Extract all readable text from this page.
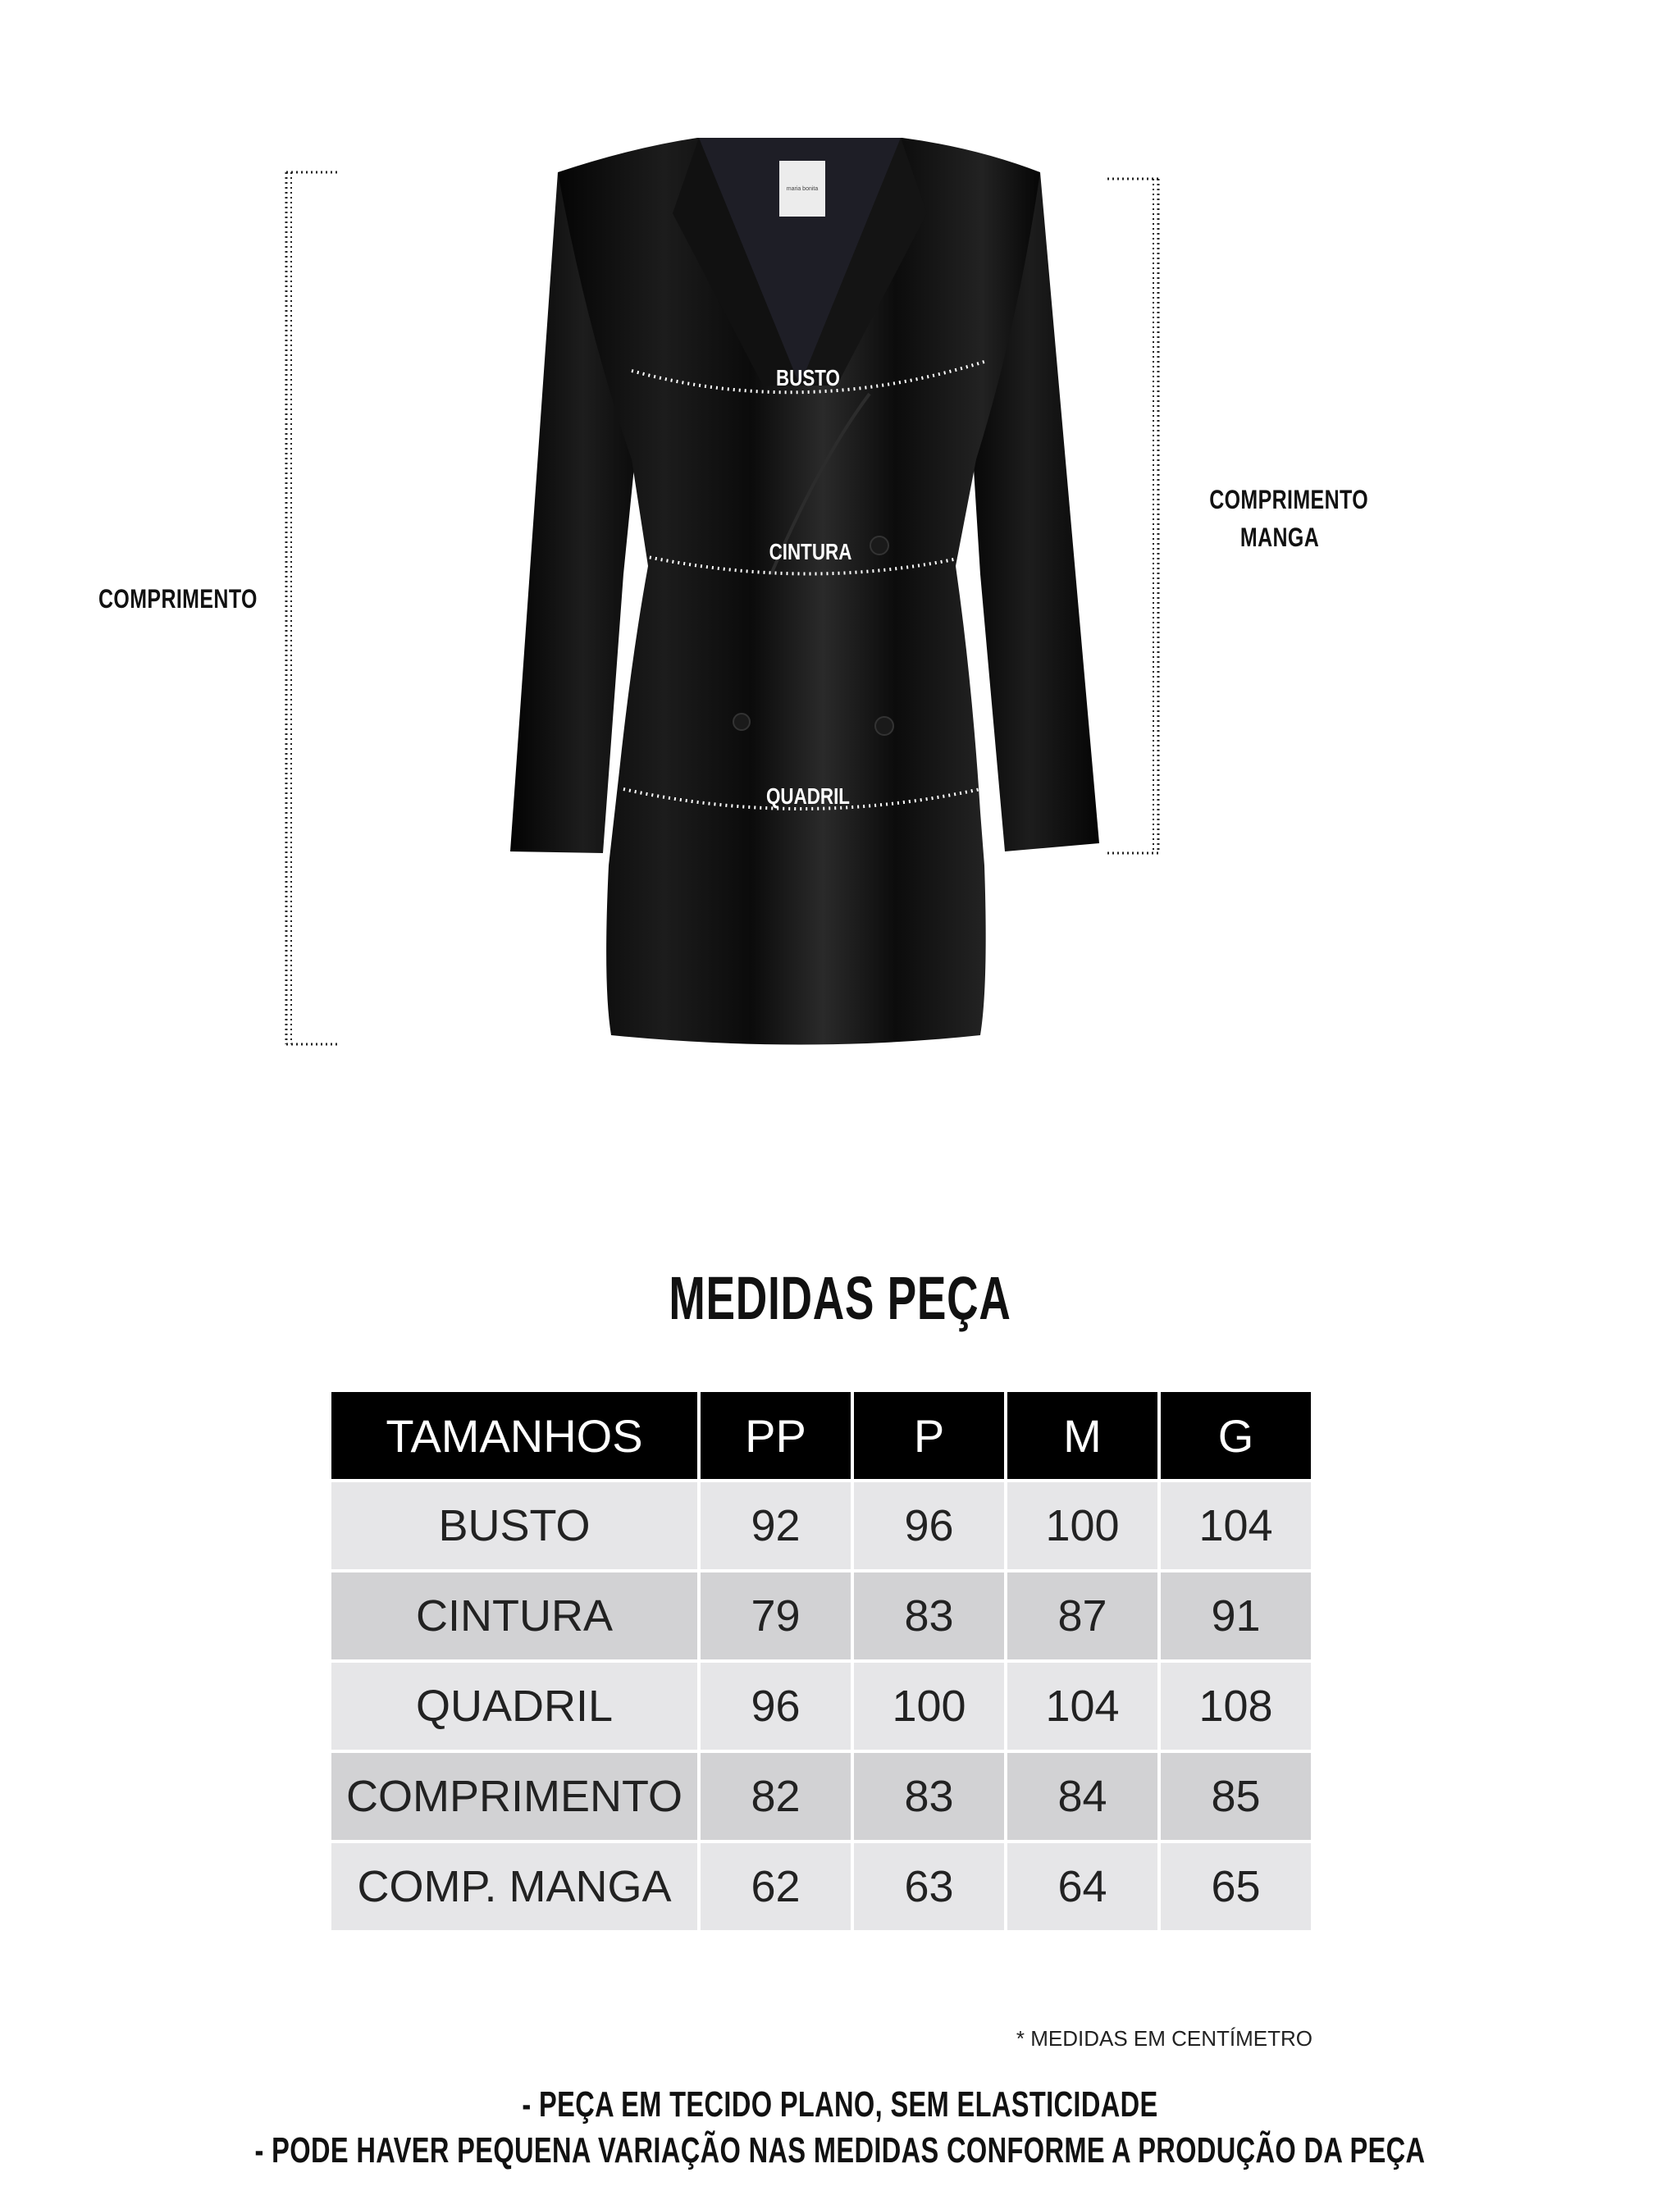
maria bonita
BUSTO
CINTURA
QUADRIL
COMPRIMENTO
COMPRIMENTO
MANGA
MEDIDAS PEÇA
TAMANHOS	PP	P	M	G
BUSTO	92	96	100	104
CINTURA	79	83	87	91
QUADRIL	96	100	104	108
COMPRIMENTO	82	83	84	85
COMP. MANGA	62	63	64	65
* MEDIDAS EM CENTÍMETRO
- PEÇA EM TECIDO PLANO, SEM ELASTICIDADE
- PODE HAVER PEQUENA VARIAÇÃO NAS MEDIDAS CONFORME A PRODUÇÃO DA PEÇA
